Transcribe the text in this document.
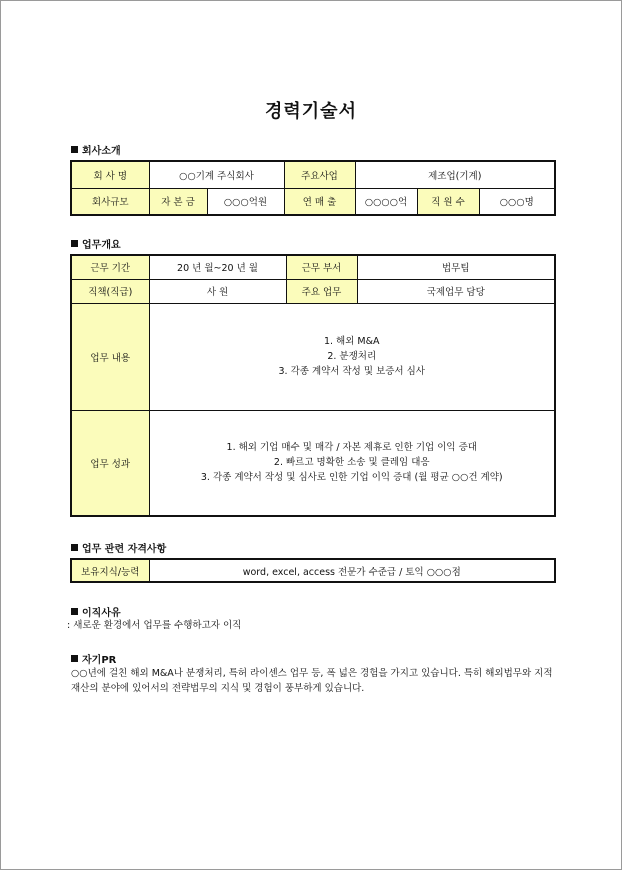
경력기술서
회사소개
회 사 명	○○기계 주식회사		주요사업	제조업(기계)		
회사규모	자 본 금	○○○억원	연 매 출	○○○○억	직 원 수	○○○명
업무개요
근무 기간	20 년 월~20 년 월	근무 부서	법무팀
직책(직급)	사 원	주요 업무	국제업무 담당
업무 내용	1. 해외 M&A
2. 분쟁처리
3. 각종 계약서 작성 및 보증서 심사		

업무 성과	1. 해외 기업 매수 및 매각 / 자본 제휴로 인한 기업 이익 증대
2. 빠르고 명확한 소송 및 클레임 대응
3. 각종 계약서 작성 및 심사로 인한 기업 이익 증대 (월 평균 ○○건 계약)		
업무 관련 자격사항
보유지식/능력	word, excel, access 전문가 수준급 / 토익 ○○○점
이직사유
: 새로운 환경에서 업무를 수행하고자 이직
자기PR
○○년에 걸친 해외 M&A나 분쟁처리, 특허 라이센스 업무 등, 폭 넓은 경험을 가지고 있습니다. 특히 해외법무와 지적재산의 분야에 있어서의 전략법무의 지식 및 경험이 풍부하게 있습니다.
